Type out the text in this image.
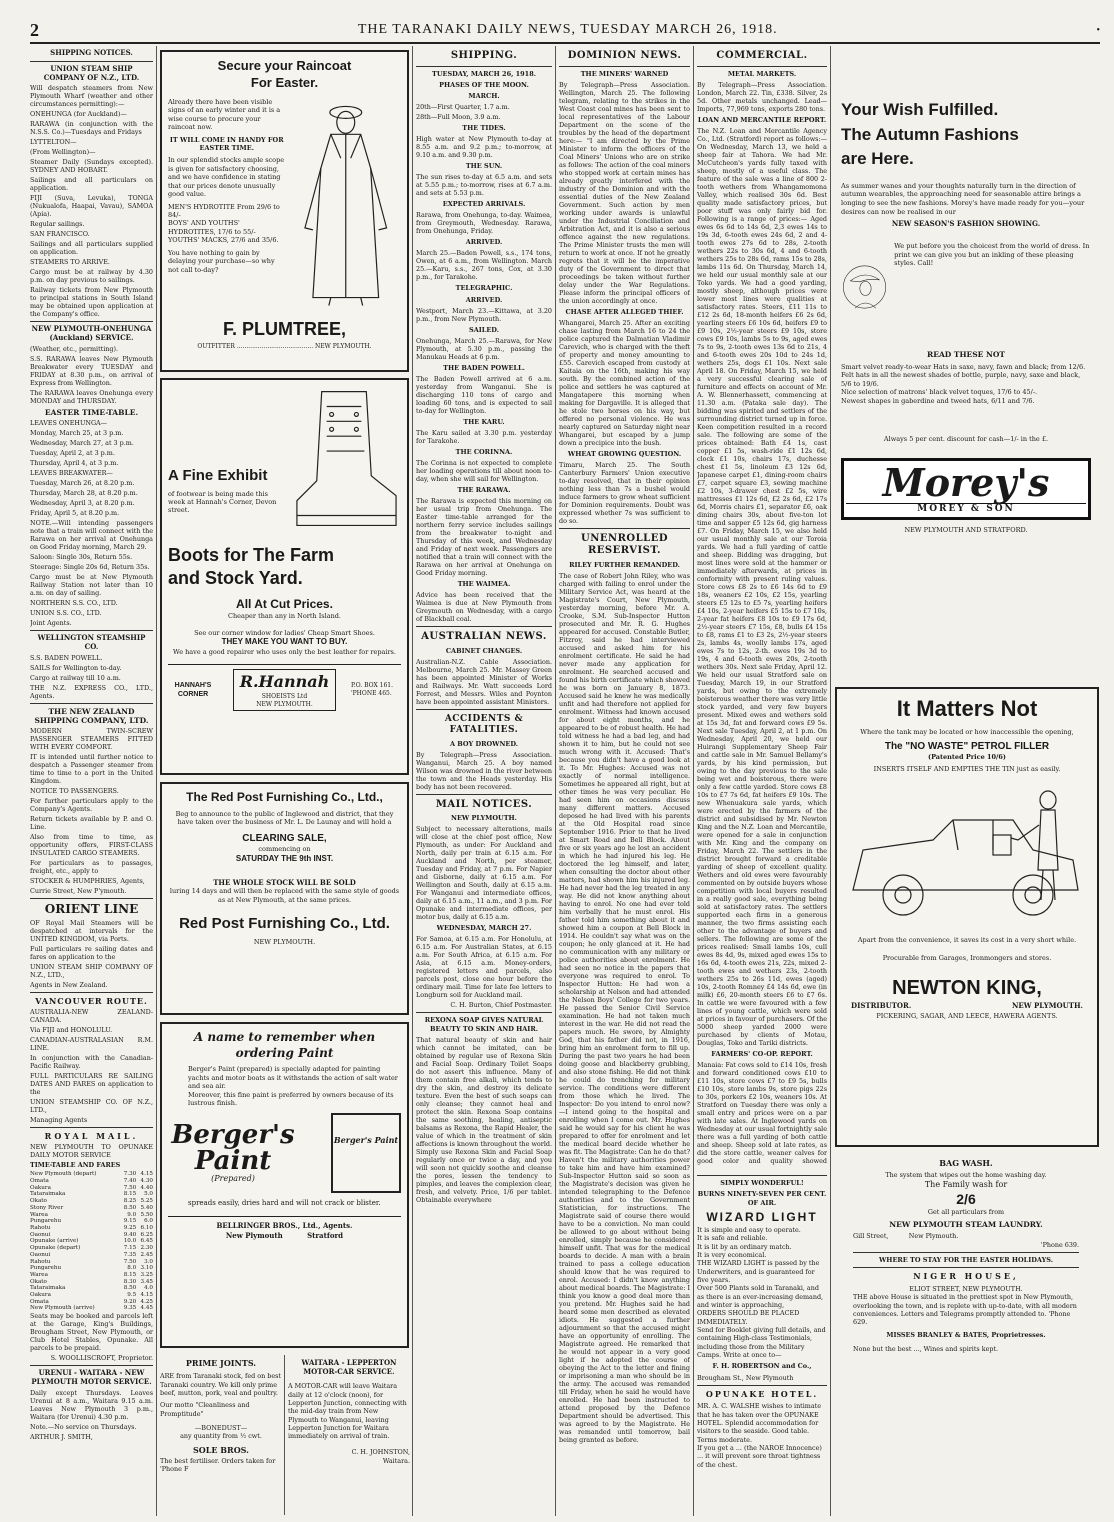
2	THE TARANAKI DAILY NEWS, TUESDAY MARCH 26, 1918.	•
SHIPPING NOTICES.
UNION STEAM SHIP COMPANY OF N.Z., LTD.

Will despatch steamers from New Plymouth Wharf (weather and other circumstances permitting):—

ONEHUNGA (for Auckland)—

RARAWA (in conjunction with the N.S.S. Co.)—Tuesdays and Fridays

LYTTELTON—

(From Wellington)—

Steamer Daily (Sundays excepted). SYDNEY AND HOBART.

Sailings and all particulars on application.

FIJI (Suva, Levuka), TONGA (Nukualofa, Haapai, Vavau), SAMOA (Apia).

Regular sailings.

SAN FRANCISCO.

Sailings and all particulars supplied on application.

STEAMERS TO ARRIVE.

Cargo must be at railway by 4.30 p.m. on day previous to sailings.

Railway tickets from New Plymouth to principal stations in South Island may be obtained upon application at the Company's office.

NEW PLYMOUTH-ONEHUNGA (Auckland) SERVICE.

(Weather, etc., permitting).

S.S. RARAWA leaves New Plymouth Breakwater every TUESDAY and FRIDAY at 8.30 p.m., on arrival of Express from Wellington.

The RARAWA leaves Onehunga every MONDAY and THURSDAY.

EASTER TIME-TABLE.

LEAVES ONEHUNGA—

Monday, March 25, at 3 p.m.

Wednesday, March 27, at 3 p.m.

Tuesday, April 2, at 3 p.m.

Thursday, April 4, at 3 p.m.

LEAVES BREAKWATER—

Tuesday, March 26, at 8.20 p.m.

Thursday, March 28, at 8.20 p.m.

Wednesday, April 3, at 8.20 p.m.

Friday, April 5, at 8.20 p.m.

NOTE.—Will intending passengers note that a train will connect with the Rarawa on her arrival at Onehunga on Good Friday morning, March 29.

Saloon: Single 30s, Return 55s.

Steerage: Single 20s 6d, Return 35s.

Cargo must be at New Plymouth Railway Station not later than 10 a.m. on day of sailing.

NORTHERN S.S. CO., LTD.

UNION S.S. CO., LTD.

Joint Agents.

WELLINGTON STEAMSHIP CO.

S.S. BADEN POWELL.

SAILS for Wellington to-day.

Cargo at railway till 10 a.m.

THE N.Z. EXPRESS CO., LTD., Agents.

THE NEW ZEALAND SHIPPING COMPANY, LTD.

MODERN TWIN-SCREW PASSENGER STEAMERS FITTED WITH EVERY COMFORT.

IT is intended until further notice to despatch a Passenger steamer from time to time to a port in the United Kingdom.

NOTICE TO PASSENGERS.

For further particulars apply to the Company's Agents.

Return tickets available by P. and O. Line.

Also from time to time, as opportunity offers, FIRST-CLASS INSULATED CARGO STEAMERS.

For particulars as to passages, freight, etc., apply to

STOCKER & HUMPHRIES, Agents,

Currie Street, New P'ymouth.

ORIENT LINE

OF Royal Mail Steamers will be despatched at intervals for the UNITED KINGDOM, via Ports.

Full particulars re sailing dates and fares on application to the

UNION STEAM SHIP COMPANY OF N.Z., LTD.,

Agents in New Zealand.

VANCOUVER ROUTE.

AUSTRALIA-NEW ZEALAND-CANADA.

Via FIJI and HONOLULU.

CANADIAN-AUSTRALASIAN R.M. LINE.

In conjunction with the Canadian-Pacific Railway.

FULL PARTICULARS RE SAILING DATES AND FARES on application to the

UNION STEAMSHIP CO. OF N.Z., LTD.,

Managing Agents

ROYAL MAIL.

NEW PLYMOUTH TO OPUNAKE DAILY MOTOR SERVICE

TIME-TABLE AND FARES

New Plymouth (depart)	7.30	4.15
Omata	7.40	4.30
Oakura	7.50	4.40
Tataraimaka	8.15	5.0
Okato	8.25	5.25
Stony River	8.50	5.40
Warea	9.0	5.50
Pungarehu	9.15	6.0
Rahotu	9.25	6.10
Oaonui	9.40	6.25
Opunake (arrive)	10.0	6.45
Opunake (depart)	7.15	2.30
Oaonui	7.35	2.45
Rahotu	7.50	3.0
Pungarehu	8.0	3.10
Warea	8.15	3.25
Okato	8.30	3.45
Tataraimaka	8.50	4.0
Oakura	9.5	4.15
Omata	9.20	4.25
New Plymouth (arrive)	9.35	4.45

Seats may be booked and parcels left at the Garage, King's Buildings, Brougham Street, New Plymouth, or Club Hotel Stables, Opunake. All parcels to be prepaid.

S. WOOLLISCROFT, Proprietor.

URENUI - WAITARA - NEW PLYMOUTH MOTOR SERVICE.

Daily except Thursdays. Leaves Urenui at 8 a.m., Waitara 9.15 a.m. Leaves New Plymouth 3 p.m., Waitara (for Urenui) 4.30 p.m.

Note.—No service on Thursdays.

ARTHUR J. SMITH,

Secure your Raincoat
For Easter.

Already there have been visible signs of an early winter and it is a wise course to procure your raincoat now.

IT WILL COME IN HANDY FOR EASTER TIME.

In our splendid stocks ample scope is given for satisfactory choosing, and we have confidence in stating that our prices denote unusually good value.

MEN'S HYDROTITE From 29/6 to 84/-

BOYS' AND YOUTHS' HYDROTITES, 17/6 to 55/-

YOUTHS' MACKS, 27/6 and 35/6.

You have nothing to gain by delaying your purchase—so why not call to-day?

F. PLUMTREE,
OUTFITTER ........................................ NEW PLYMOUTH.
A Fine Exhibit

of footwear is being made this week at Hannah's Corner, Devon street.

Boots for The Farm
and Stock Yard.
All At Cut Prices.

Cheaper than any in North Island.

See our corner window for ladies' Cheap Smart Shoes.

THEY MAKE YOU WANT TO BUY.

We have a good repairer who uses only the best leather for repairs.

HANNAH'S CORNER
R.Hannah
SHOEISTS Ltd
NEW PLYMOUTH.
P.O. BOX 161.
'PHONE 465.
The Red Post Furnishing Co., Ltd.,

Beg to announce to the public of Inglewood and district, that they have taken over the business of Mr. L. De Launay and will hold a

CLEARING SALE,

commencing on

SATURDAY THE 9th INST.
THE WHOLE STOCK WILL BE SOLD

luring 14 days and will then be replaced with the same style of goods as at New Plymouth, at the same prices.

Red Post Furnishing Co., Ltd.

NEW PLYMOUTH.

A name to remember when
ordering Paint

Berger's Paint (prepared) is specially adapted for painting yachts and motor boats as it withstands the action of salt water and sea air.

Moreover, this fine paint is preferred by owners because of its lustrous finish.

Berger's
Paint
(Prepared)
Berger's Paint

spreads easily, dries hard and will not crack or blister.

BELLRINGER BROS., Ltd., Agents.
New Plymouth          Stratford
PRIME JOINTS.

ARE from Taranaki stock, fed on best Taranaki country. We kill only prime beef, mutton, pork, veal and poultry.

Our motto "Cleanliness and Promptitude"

—BONEDUST—

any quantity from ½ cwt.

SOLE BROS.

The best fertiliser. Orders taken for 'Phone F

WAITARA - LEPPERTON MOTOR-CAR SERVICE.

A MOTOR-CAR will leave Waitara daily at 12 o'clock (noon), for Lepperton Junction, connecting with the mid-day train from New Plymouth to Wanganui, leaving Lepperton Junction for Waitara immediately on arrival of train.

C. H. JOHNSTON,

Waitara.

SHIPPING.
TUESDAY, MARCH 26, 1918.
PHASES OF THE MOON.
MARCH.

20th—First Quarter, 1.7 a.m.

28th—Full Moon, 3.9 a.m.

THE TIDES.

High water at New Plymouth to-day at 8.55 a.m. and 9.2 p.m.; to-morrow, at 9.10 a.m. and 9.30 p.m.

THE SUN.

The sun rises to-day at 6.5 a.m. and sets at 5.55 p.m.; to-morrow, rises at 6.7 a.m. and sets at 5.53 p.m.

EXPECTED ARRIVALS.

Rarawa, from Onehunga, to-day. Waimea, from Greymouth, Wednesday. Rarawa, from Onehunga, Friday.

ARRIVED.

March 25.—Baden Powell, s.s., 174 tons, Owen, at 6 a.m., from Wellington. March 25.—Karu, s.s., 267 tons, Cox, at 3.30 p.m., for Tarakohe.

TELEGRAPHIC.
ARRIVED.

Westport, March 23.—Kittawa, at 3.20 p.m., from New Plymouth.

SAILED.

Onehunga, March 25.—Rarawa, for New Plymouth, at 5.30 p.m., passing the Manukau Heads at 6 p.m.

THE BADEN POWELL.

The Baden Powell arrived at 6 a.m. yesterday from Wanganui. She is discharging 110 tons of cargo and loading 60 tons, and is expected to sail to-day for Wellington.

THE KARU.

The Karu sailed at 3.30 p.m. yesterday for Tarakohe.

THE CORINNA.

The Corinna is not expected to complete her loading operations till about noon to-day, when she will sail for Wellington.

THE RARAWA.

The Rarawa is expected this morning on her usual trip from Onehunga. The Easter time-table arranged for the northern ferry service includes sailings from the breakwater to-night and Thursday of this week, and Wednesday and Friday of next week. Passengers are notified that a train will connect with the Rarawa on her arrival at Onehunga on Good Friday morning.

THE WAIMEA.

Advice has been received that the Waimea is due at New Plymouth from Greymouth on Wednesday, with a cargo of Blackball coal.

AUSTRALIAN NEWS.
CABINET CHANGES.

Australian-N.Z. Cable Association. Melbourne, March 25. Mr. Massey Green has been appointed Minister of Works and Railways. Mr. Watt succeeds Lord Forrest, and Messrs. Wiles and Poynton have been appointed assistant Ministers.

ACCIDENTS & FATALITIES.
A BOY DROWNED.

By Telegraph—Press Association. Wanganui, March 25. A boy named Wilson was drowned in the river between the town and the Heads yesterday. His body has not been recovered.

MAIL NOTICES.
NEW PLYMOUTH.

Subject to necessary alterations, mails will close at the chief post office, New Plymouth, as under: For Auckland and North, daily per train at 6.15 a.m. For Auckland and North, per steamer, Tuesday and Friday, at 7 p.m. For Napier and Gisborne, daily at 6.15 a.m. For Wellington and South, daily at 6.15 a.m. For Wanganui and intermediate offices, daily at 6.15 a.m., 11 a.m., and 3 p.m. For Opunake and intermediate offices, per motor bus, daily at 6.15 a.m.

WEDNESDAY, MARCH 27.

For Samoa, at 6.15 a.m. For Honolulu, at 6.15 a.m. For Australian States, at 6.15 a.m. For South Africa, at 6.15 a.m. For Asia, at 6.15 a.m. Money-orders, registered letters and parcels, also parcels post, close one hour before the ordinary mail. Time for late fee letters to Longburn soil for Auckland mail.

C. H. Burton, Chief Postmaster.

REXONA SOAP GIVES NATURAL BEAUTY TO SKIN AND HAIR.

That natural beauty of skin and hair which cannot be imitated, can be obtained by regular use of Rexona Skin and Facial Soap. Ordinary Toilet Soaps do not assert this influence. Many of them contain free alkali, which tends to dry the skin, and destroy its delicate texture. Even the best of such soaps can only cleanse; they cannot heal and protect the skin. Rexona Soap contains the same soothing, healing, antiseptic balsams as Rexona, the Rapid Healer, the value of which in the treatment of skin affections is known throughout the world. Simply use Rexona Skin and Facial Soap regularly once or twice a day, and you will soon not quickly soothe and cleanse the pores, lessen the tendency to pimples, and leaves the complexion clear, fresh, and velvety. Price, 1/6 per tablet. Obtainable everywhere

DOMINION NEWS.
THE MINERS' WARNED

By Telegraph—Press Association. Wellington, March 25. The following telegram, relating to the strikes in the West Coast coal mines has been sent to local representatives of the Labour Department on the scene of the troubles by the head of the department here:— "I am directed by the Prime Minister to inform the officers of the Coal Miners' Unions who are on strike as follows: The action of the coal miners who stopped work at certain mines has already greatly interfered with the industry of the Dominion and with the essential duties of the New Zealand Government. Such action by men working under awards is unlawful under the Industrial Conciliation and Arbitration Act, and it is also a serious offence against the new regulations. The Prime Minister trusts the men will return to work at once. If not he greatly regrets that it will be the imperative duty of the Government to direct that proceedings be taken without further delay under the War Regulations. Please inform the principal officers of the union accordingly at once.

CHASE AFTER ALLEGED THIEF.

Whangarei, March 25. After an exciting chase lasting from March 16 to 24 the police captured the Dalmatian Vladimir Carevich, who is charged with the theft of property and money amounting to £55. Carevich escaped from custody at Kaitaia on the 16th, making his way south. By the combined action of the police and settlers he was captured at Mangatapere this morning when making for Dargaville. It is alleged that he stole two horses on his way, but offered no personal violence. He was nearly captured on Saturday night near Whangarei, but escaped by a jump down a precipice into the bush.

WHEAT GROWING QUESTION.

Timaru, March 25. The South Canterbury Farmers' Union executive to-day resolved, that in their opinion nothing less than 7s a bushel would induce farmers to grow wheat sufficient for Dominion requirements. Doubt was expressed whether 7s was sufficient to do so.

UNENROLLED RESERVIST.
RILEY FURTHER REMANDED.

The case of Robert John Riley, who was charged with failing to enrol under the Military Service Act, was heard at the Magistrate's Court, New Plymouth, yesterday morning, before Mr. A. Crooke, S.M. Sub-Inspector Hutton prosecuted and Mr. R. G. Hughes appeared for accused. Constable Butler, Fitzroy, said he had interviewed accused and asked him for his enrolment certificate. He said he had never made any application for enrolment. He searched accused and found his birth certificate which showed he was born on January 8, 1873. Accused said he knew he was medically unfit and had therefore not applied for enrolment. Witness had known accused for about eight months, and he appeared to be of robust health. He had told witness he had a bad leg, and had shown it to him, but he could not see much wrong with it. Accused: That's because you didn't have a good look at it. To Mr. Hughes: Accused was not exactly of normal intelligence. Sometimes he appeared all right, but at other times he was very peculiar. He had seen him on occasions discuss many different matters. Accused deposed he had lived with his parents at the Old Hospital road since September 1916. Prior to that he lived at Smart Road and Bell Block. About five or six years ago he lost an accident in which he had injured his leg. He doctored the leg himself, and later, when consulting the doctor about other matters, had shown him his injured leg. He had never had the leg treated in any way. He did not know anything about having to enrol. No one had ever told him verbally that he must enrol. His father told him something about it and showed him a coupon at Bell Block in 1914. He couldn't say what was on the coupon; he only glanced at it. He had no communication with any military or police authorities about enrolment. He had seen no notice in the papers that everyone was required to enrol. To Inspector Hutton: He had won a scholarship at Nelson and had attended the Nelson Boys' College for two years. He passed the Senior Civil Service examination. He had not taken much interest in the war. He did not read the papers much. He swore, by Almighty God, that his father did not, in 1916, bring him an enrolment form to fill up. During the past two years he had been doing goose and blackberry grubbing, and also stone fishing. He did not think he could do trenching for military service. The conditions were different from those which he lived. The Inspector: Do you intend to enrol now?—I intend going to the hospital and enrolling when I come out. Mr. Hughes said he would say for his client he was prepared to offer for enrolment and let the medical board decide whether he was fit. The Magistrate: Can he do that? Haven't the military authorities power to take him and have him examined? Sub-Inspector Hutton said so soon as the Magistrate's decision was given he intended telegraphing to the Defence authorities and to the Government Statistician, for instructions. The Magistrate said of course there would have to be a conviction. No man could be allowed to go about without being enrolled, simply because he considered himself unfit. That was for the medical boards to decide. A man with a brain trained to pass a college education should know that he was required to enrol. Accused: I didn't know anything about medical boards. The Magistrate: I think you know a good deal more than you pretend. Mr. Hughes said he had heard some men described as elevated idiots. He suggested a further adjournment so that the accused might have an opportunity of enrolling. The Magistrate agreed. He remarked that he would not appear in a very good light if he adopted the course of obeying the Act to the letter and fining or imprisoning a man who should be in the army. The accused was remanded till Friday, when he said he would have enrolled. He had been instructed to attend proposed by the Defence Department should be advertised. This was agreed to by the Magistrate. He was remanded until tomorrow, bail being granted as before.

COMMERCIAL.
METAL MARKETS.

By Telegraph—Press Association. London, March 22. Tin, £338. Silver, 2s 5d. Other metals unchanged. Lead—Imports, 77,969 tons, exports 280 tons.

LOAN AND MERCANTILE REPORT.

The N.Z. Loan and Mercantile Agency Co., Ltd. (Stratford) report as follows:— On Wednesday, March 13, we held a sheep fair at Tahora. We had Mr. McCutcheon's yards fully taxed with sheep, mostly of a useful class. The feature of the sale was a line of 800 2-tooth wethers from Whangamomona Valley, which realised 30s 6d. Best quality made satisfactory prices, but poor stuff was only fairly bid for. Following is a range of prices:— Aged ewes 6s 6d to 14s 6d, 2,3 ewes 14s to 19s 3d, 6-tooth ewes 24s 6d, 2 and 4-tooth ewes 27s 6d to 28s, 2-tooth wethers 22s to 30s 6d, 4 and 6-tooth wethers 25s to 28s 6d, rams 15s to 28s, lambs 11s 6d. On Thursday, March 14, we held our usual monthly sale at our Toko yards. We had a good yarding, mostly sheep, although prices were lower most lines were qualities at satisfactory rates. Steers, £11 11s to £12 2s 6d, 18-month heifers £6 2s 6d, yearling steers £6 10s 6d, heifers £9 to £9 10s, 2½-year steers £9 10s, store cows £9 10s, lambs 5s to 9s, aged ewes 7s to 9s, 2-tooth ewes 13s 6d to 21s, 4 and 6-tooth ewes 20s 10d to 24s 1d, wethers 25s, dogs £1 10s. Next sale April 18. On Friday, March 15, we held a very successful clearing sale of furniture and effects on account of Mr. A. W. Blennerhassett, commencing at 11.30 a.m. (Pataka sale day). The bidding was spirited and settlers of the surrounding district turned up in force. Keen competition resulted in a record sale. The following are some of the prices obtained: Bath £4 1s, cast copper £1 5s, wash-ride £1 12s 6d, clock £1 10s, chairs 17s, duchesse chest £1 5s, linoleum £3 12s 6d, Japanese carpet £1, dining-room chairs £7, carpet square £3, sewing machine £2 10s, 3-drawer chest £2 5s, wire mattresses £1 12s 6d, £2 2s 6d, £2 17s 6d, Morris chairs £1, separator £6, oak dining chairs 30s, about five-ton lot time and sapper £5 12s 6d, gig harness £7. On Friday, March 15, we also held our usual monthly sale at our Toroia yards. We had a full yarding of cattle and sheep. Bidding was dragging, but most lines were sold at the hammer or immediately afterwards, at prices in conformity with present ruling values. Store cows £8 2s to £6 14s 6d to £9 18s, weaners £2 10s, £2 15s, yearling steers £5 12s to £5 7s, yearling heifers £4 10s, 2-year heifers £5 15s to £7 10s, 2-year fat heifers £8 10s to £9 17s 6d, 2½-year steers £7 15s, £8, bulls £4 15s to £8, rams £1 to £3 2s, 2½-year steers 2s, lambs 4s, woolly lambs 17s, aged ewes 7s to 12s, 2-th. ewes 19s 3d to 19s, 4 and 6-tooth ewes 20s, 2-tooth wethers 30s. Next sale Friday, April 12. We held our usual Stratford sale on Tuesday, March 19, in our Stratford yards, but owing to the extremely boisterous weather there was very little stock yarded, and very few buyers present. Mixed ewes and wethers sold at 15s 3d, fat and forward cows £9 5s. Next sale Tuesday, April 2, at 1 p.m. On Wednesday, April 20, we held our Huirangi Supplementary Sheep Fair and cattle sale in Mr. Samuel Bellamy's yards, by his kind permission, but owing to the day previous to the sale being wet and boisterous, there were only a few cattle yarded. Store cows £8 10s to £7 7s 6d, fat heifers £9 10s. The new Whenuakura sale yards, which were erected by the farmers of the district and subsidised by Mr. Newton King and the N.Z. Loan and Mercantile, were opened for a sale in conjunction with Mr. King and the company on Friday, March 22. The settlers in the district brought forward a creditable yarding of sheep of excellent quality. Wethers and old ewes were favourably commented on by outside buyers whose competition with local buyers resulted in a really good sale, everything being sold at satisfactory rates. The settlers supported each firm in a generous manner, the two firms assisting each other to the advantage of buyers and sellers. The following are some of the prices realised: Small lambs 10s, cull ewes 8s 4d, 9s, mixed aged ewes 15s to 16s 6d, 4-tooth ewes 21s, 22s, mixed 2-tooth ewes and wethers 23s, 2-tooth wethers 25s to 26s 11d, ewes (aged) 10s, 2-tooth Romney £4 14s 6d, ewe (in milk) £6, 20-month steers £6 to £7 6s. In cattle we were favoured with a few lines of young cattle, which were sold at prices in favour of purchasers. Of the 5000 sheep yarded 2000 were purchased by clients of Motau, Douglas, Toko and Tariki districts.

FARMERS' CO-OP. REPORT.

Manaia: Fat cows sold to £14 10s, fresh and forward conditioned cows £10 to £11 10s, store cows £7 to £9 5s, bulls £10 10s, store lambs 9s, store pigs 22s to 30s, porkers £2 10s, weaners 10s. At Stratford on Tuesday there was only a small entry and prices were on a par with late sales. At Inglewood yards on Wednesday at our usual fortnightly sale there was a full yarding of both cattle and sheep. Sheep sold at late rates, as did the store cattle, weaner calves for good color and quality showed

SIMPLY WONDERFUL!
BURNS NINETY-SEVEN PER CENT. OF AIR.
WIZARD LIGHT

It is simple and easy to operate.

It is safe and reliable.

It is lit by an ordinary match.

It is very economical.

THE WIZARD LIGHT is passed by the Underwriters, and is guaranteed for five years.

Over 500 Plants sold in Taranaki, and as there is an ever-increasing demand, and winter is approaching,

ORDERS SHOULD BE PLACED IMMEDIATELY.

Send for Booklet giving full details, and containing High-class Testimonials, including those from the Military Camps. Write at once to—

F. H. ROBERTSON and Co.,

Brougham St., New Plymouth

OPUNAKE HOTEL.

MR. A. C. WALSHE wishes to intimate that he has taken over the OPUNAKE HOTEL. Splendid accommodation for visitors to the seaside. Good table. Terms moderate.

If you get a ... (the NAROE Innocence) ... it will prevent sore throat tightness of the chest.

Your Wish Fulfilled.
The Autumn Fashions
are Here.

As summer wanes and your thoughts naturally turn in the direction of autumn wearables, the approaching need for seasonable attire brings a longing to see the new fashions. Morey's have made ready for you—your desires can now be realised in our

NEW SEASON'S FASHION SHOWING.

We put before you the choicest from the world of dress. In print we can give you but an inkling of these pleasing styles. Call!

READ THESE NOT

Smart velvet ready-to-wear Hats in saxe, navy, fawn and black; from 12/6.

Felt hats in all the newest shades of bottle, purple, navy, saxe and black, 5/6 to 19/6.

Nice selection of matrons' black velvet toques, 17/6 to 45/-.

Newest shapes in gaberdine and tweed hats, 6/11 and 7/6.

Always 5 per cent. discount for cash—1/- in the £.

Morey's
MOREY & SON

NEW PLYMOUTH AND STRATFORD.

It Matters Not

Where the tank may be located or how inaccessible the opening,

The "NO WASTE" PETROL FILLER

(Patented Price 10/6)

INSERTS ITSELF AND EMPTIES THE TIN just as easily.

Apart from the convenience, it saves its cost in a very short while.

Procurable from Garages, Ironmongers and stores.

NEWTON KING,
DISTRIBUTOR.	NEW PLYMOUTH.

PICKERING, SAGAR, AND LEECE, HAWERA AGENTS.

BAG WASH.

The system that wipes out the home washing day.

The Family wash for

2/6

Get all particulars from

NEW PLYMOUTH STEAM LAUNDRY.

Gill Street,          New Plymouth.

'Phone 639.

WHERE TO STAY FOR THE EASTER HOLIDAYS.
NIGER HOUSE,

ELIOT STREET, NEW PLYMOUTH.

THE above House is situated in the prettiest spot in New Plymouth, overlooking the town, and is replete with up-to-date, with all modern conveniences. Letters and Telegrams promptly attended to. 'Phone 629.

MISSES BRANLEY & BATES, Proprietresses.

None but the best ..., Wines and spirits kept.
